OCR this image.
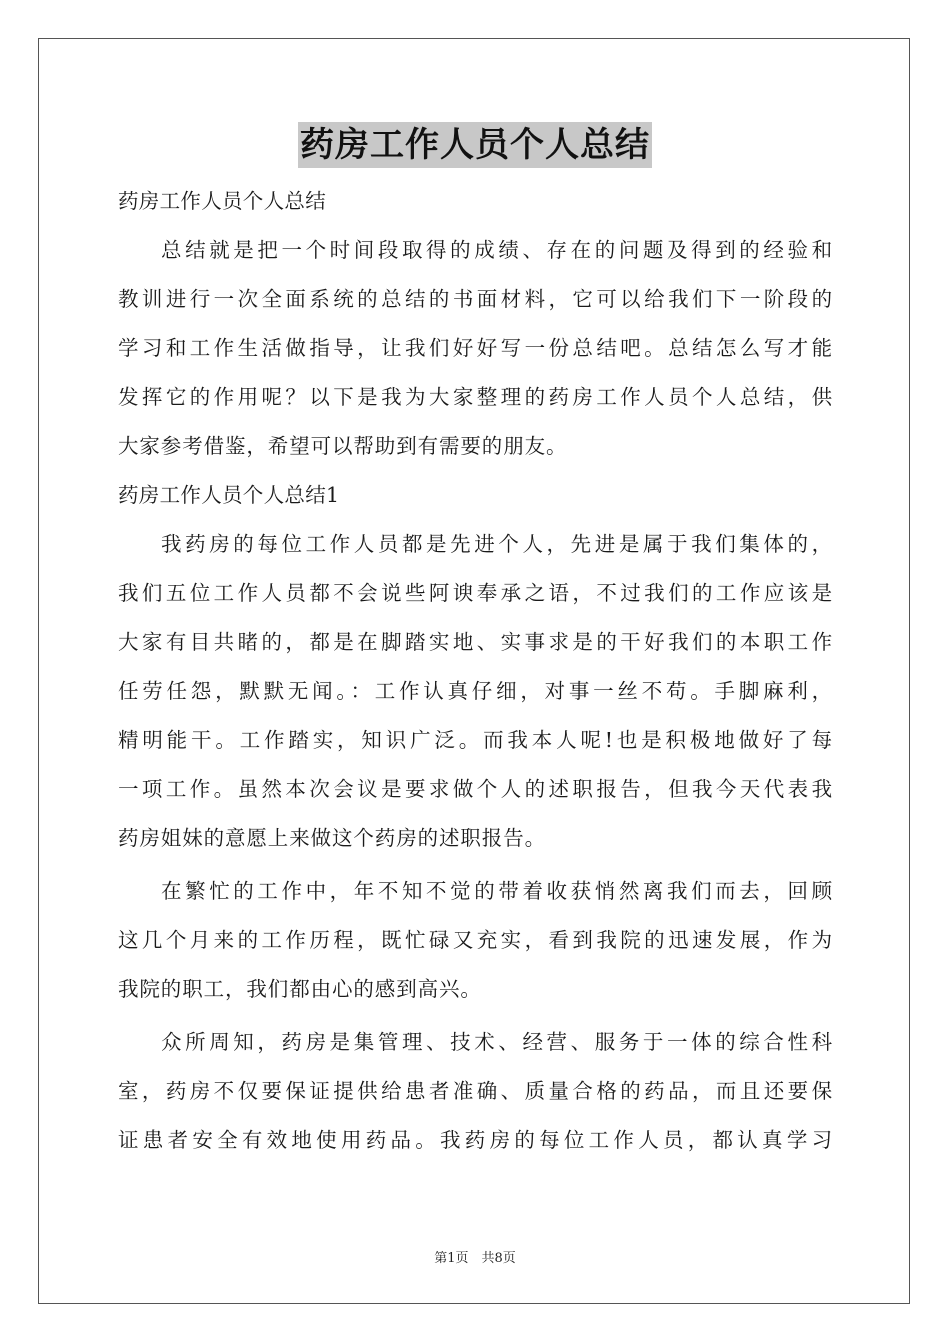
药房工作人员个人总结
药房工作人员个人总结
总结就是把一个时间段取得的成绩、存在的问题及得到的经验和
教训进行一次全面系统的总结的书面材料，它可以给我们下一阶段的
学习和工作生活做指导，让我们好好写一份总结吧。总结怎么写才能
发挥它的作用呢？以下是我为大家整理的药房工作人员个人总结，供
大家参考借鉴，希望可以帮助到有需要的朋友。
药房工作人员个人总结1
我药房的每位工作人员都是先进个人，先进是属于我们集体的，
我们五位工作人员都不会说些阿谀奉承之语，不过我们的工作应该是
大家有目共睹的，都是在脚踏实地、实事求是的干好我们的本职工作
任劳任怨，默默无闻。：工作认真仔细，对事一丝不苟。手脚麻利，
精明能干。工作踏实，知识广泛。而我本人呢!也是积极地做好了每
一项工作。虽然本次会议是要求做个人的述职报告，但我今天代表我
药房姐妹的意愿上来做这个药房的述职报告。
在繁忙的工作中，年不知不觉的带着收获悄然离我们而去，回顾
这几个月来的工作历程，既忙碌又充实，看到我院的迅速发展，作为
我院的职工，我们都由心的感到高兴。
众所周知，药房是集管理、技术、经营、服务于一体的综合性科
室，药房不仅要保证提供给患者准确、质量合格的药品，而且还要保
证患者安全有效地使用药品。我药房的每位工作人员，都认真学习
第1页　共8页
